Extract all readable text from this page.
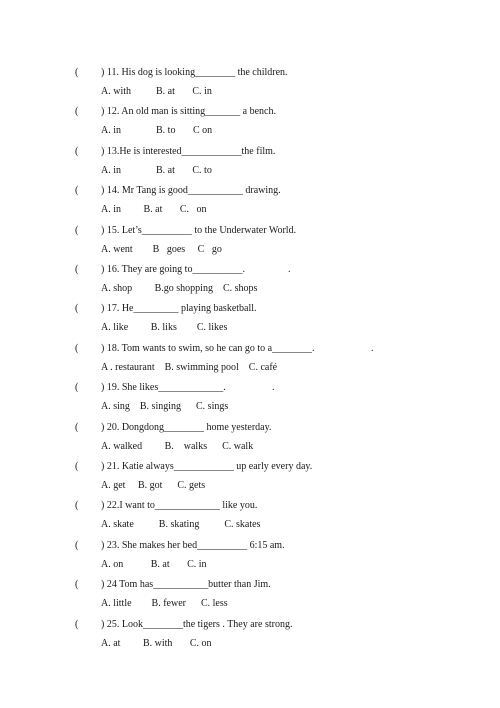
( ) 11. His dog is looking________ the children.
A. with          B. at       C. in
( ) 12. An old man is sitting_______ a bench.
A. in              B. to       C on
( ) 13.He is interested____________the film.
A. in              B. at       C. to
( ) 14. Mr Tang is good___________ drawing.
A. in         B. at       C.   on
( ) 15. Let’s__________ to the Underwater World.
A. went        B   goes     C   go
( ) 16. They are going to__________.	.
A. shop         B.go shopping    C. shops
( ) 17. He_________ playing basketball.
A. like         B. liks        C. likes
( ) 18. Tom wants to swim, so he can go to a________.	.
A . restaurant    B. swimming pool    C. café
( ) 19. She likes_____________.	.
A. sing    B. singing      C. sings
( ) 20. Dongdong________ home yesterday.
A. walked         B.    walks      C. walk
( ) 21. Katie always____________ up early every day.
A. get     B. got      C. gets
( ) 22.I want to_____________ like you.
A. skate          B. skating          C. skates
( ) 23. She makes her bed__________ 6:15 am.
A. on           B. at       C. in
( ) 24 Tom has___________butter than Jim.
A. little        B. fewer      C. less
( ) 25. Look________the tigers . They are strong.
A. at         B. with       C. on
